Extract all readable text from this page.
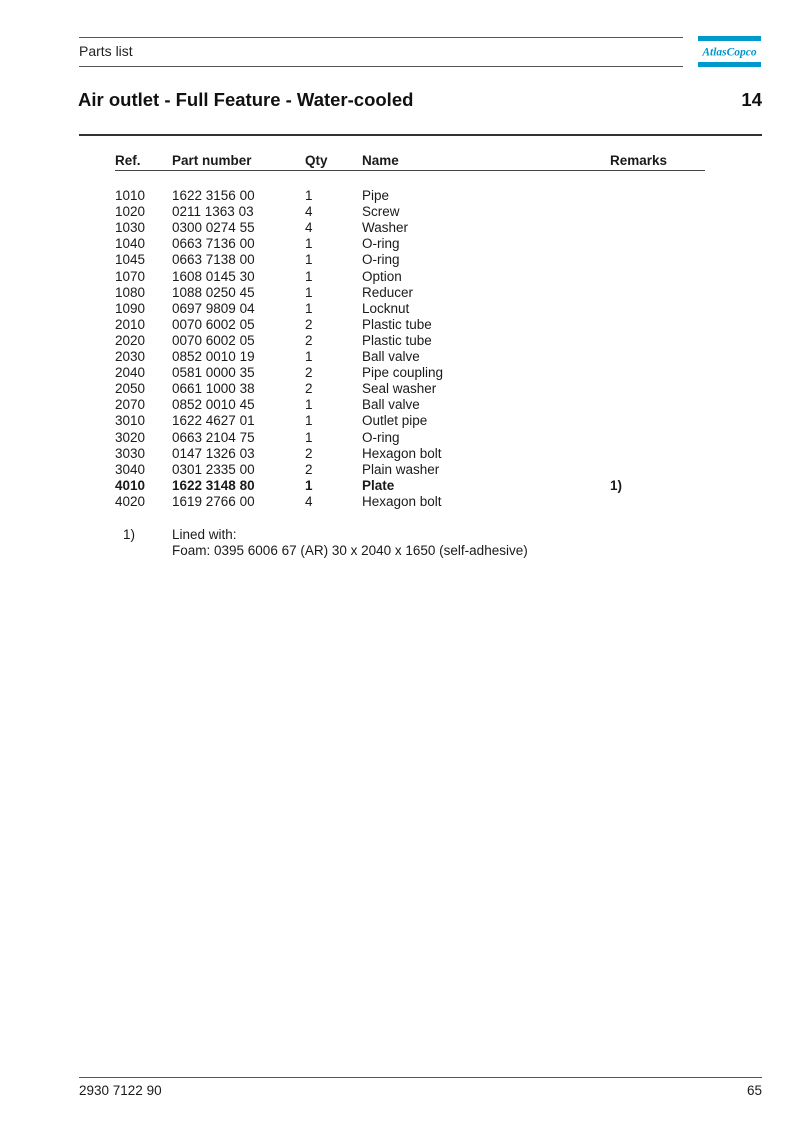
Parts list	AtlasCopco
Air outlet - Full Feature - Water-cooled	14
Ref. Part number	Qty	Name	Remarks
1010 1622 3156 00	1	Pipe
1020 0211 1363 03	4	Screw
1030 0300 0274 55	4	Washer
1040 0663 7136 00	1	O-ring
1045 0663 7138 00	1	O-ring
1070 1608 0145 30	1	Option
1080 1088 0250 45	1	Reducer
1090 0697 9809 04	1	Locknut
2010 0070 6002 05	2	Plastic tube
2020 0070 6002 05	2	Plastic tube
2030 0852 0010 19	1	Ball valve
2040 0581 0000 35	2	Pipe coupling
2050 0661 1000 38	2	Seal washer
2070 0852 0010 45	1	Ball valve
3010 1622 4627 01	1	Outlet pipe
3020 0663 2104 75	1	O-ring
3030 0147 1326 03	2	Hexagon bolt
3040 0301 2335 00	2	Plain washer
4010 1622 3148 80	1	Plate	1)
4020 1619 2766 00	4	Hexagon bolt
1)	Lined with:
Foam: 0395 6006 67 (AR) 30 x 2040 x 1650 (self-adhesive)
2930 7122 90	65
